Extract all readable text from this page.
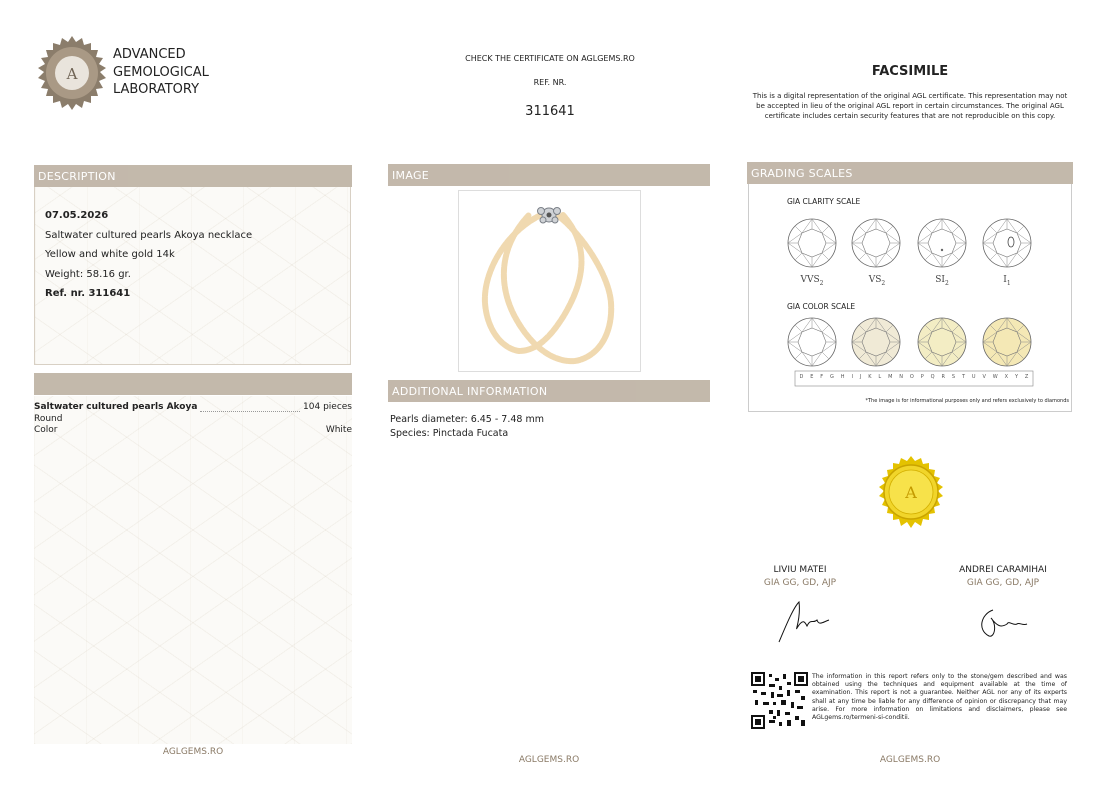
A
ADVANCED
GEMOLOGICAL
LABORATORY
CHECK THE CERTIFICATE ON AGLGEMS.RO
REF. NR.
311641
FACSIMILE
This is a digital representation of the original AGL certificate. This representation may not be accepted in lieu of the original AGL report in certain circumstances. The original AGL certificate includes certain security features that are not reproducible on this copy.
DESCRIPTION
07.05.2026
Saltwater cultured pearls Akoya necklace
Yellow and white gold 14k
Weight: 58.16 gr.
Ref. nr. 311641
Saltwater cultured pearls Akoya	104 pieces
Round
Color	White
AGLGEMS.RO
IMAGE
ADDITIONAL INFORMATION
Pearls diameter: 6.45 - 7.48 mm
Species: Pinctada Fucata
AGLGEMS.RO
GRADING SCALES
GIA CLARITY SCALE
$VVS_2$	$VS_2$	$SI_2$	$I_1$
GIA COLOR SCALE
D E F G H I J K L M N O P Q R S T U V W X Y Z
*The image is for informational purposes only and refers exclusively to diamonds
A
LIVIU MATEI
GIA GG, GD, AJP
ANDREI CARAMIHAI
GIA GG, GD, AJP
The information in this report refers only to the stone/gem described and was obtained using the techniques and equipment available at the time of examination. This report is not a guarantee. Neither AGL nor any of its experts shall at any time be liable for any difference of opinion or discrepancy that may arise. For more information on limitations and disclaimers, please see AGLgems.ro/termeni-si-conditii.
AGLGEMS.RO
